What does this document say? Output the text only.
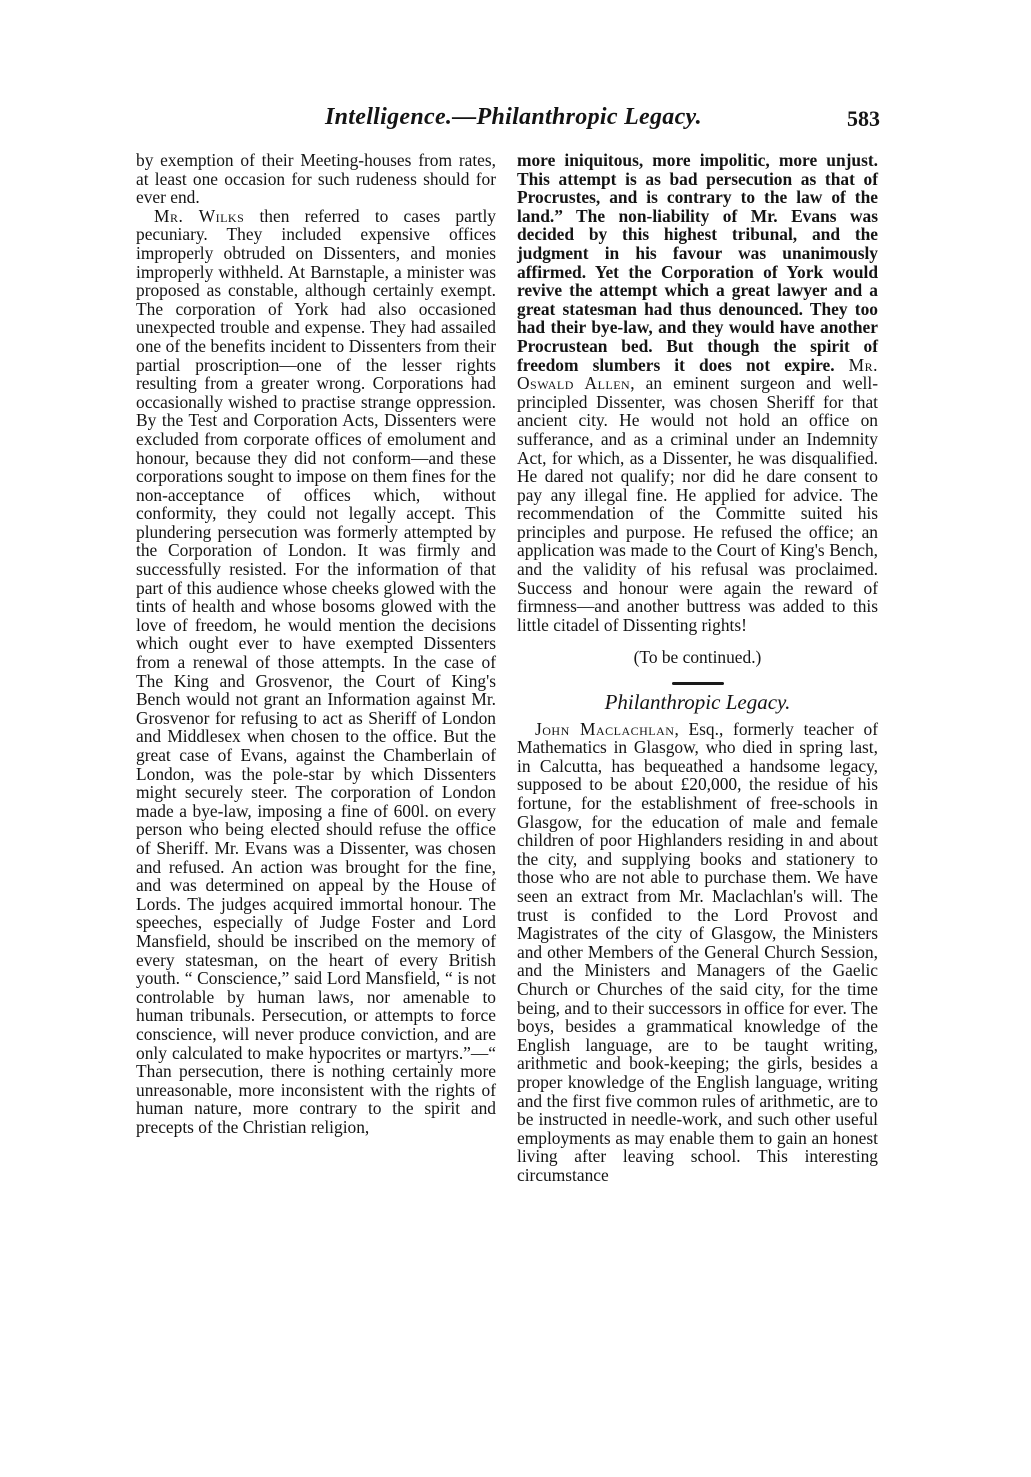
Intelligence.—Philanthropic Legacy.	583

by exemption of their Meeting-houses from rates, at least one occasion for such rudeness should for ever end.

Mr. Wilks then referred to cases partly pecuniary. They included expensive offices improperly obtruded on Dissenters, and monies improperly withheld. At Barnstaple, a minister was proposed as constable, although certainly exempt. The corporation of York had also occasioned unexpected trouble and expense. They had assailed one of the benefits incident to Dissenters from their partial proscription—one of the lesser rights resulting from a greater wrong. Corporations had occasionally wished to practise strange oppression. By the Test and Corporation Acts, Dissenters were excluded from corporate offices of emolument and honour, because they did not conform—and these corporations sought to impose on them fines for the non-acceptance of offices which, without conformity, they could not legally accept. This plundering persecution was formerly attempted by the Corporation of London. It was firmly and successfully resisted. For the information of that part of this audience whose cheeks glowed with the tints of health and whose bosoms glowed with the love of freedom, he would mention the decisions which ought ever to have exempted Dissenters from a renewal of those attempts. In the case of The King and Grosvenor, the Court of King's Bench would not grant an Information against Mr. Grosvenor for refusing to act as Sheriff of London and Middlesex when chosen to the office. But the great case of Evans, against the Chamberlain of London, was the pole-star by which Dissenters might securely steer. The corporation of London made a bye-law, imposing a fine of 600l. on every person who being elected should refuse the office of Sheriff. Mr. Evans was a Dissenter, was chosen and refused. An action was brought for the fine, and was determined on appeal by the House of Lords. The judges acquired immortal honour. The speeches, especially of Judge Foster and Lord Mansfield, should be inscribed on the memory of every statesman, on the heart of every British youth. “ Conscience,” said Lord Mansfield, “ is not controlable by human laws, nor amenable to human tribunals. Persecution, or attempts to force conscience, will never produce conviction, and are only calculated to make hypocrites or martyrs.”—“ Than persecution, there is nothing certainly more unreasonable, more inconsistent with the rights of human nature, more contrary to the spirit and precepts of the Christian religion,

more iniquitous, more impolitic, more unjust. This attempt is as bad persecution as that of Procrustes, and is contrary to the law of the land.” The non-liability of Mr. Evans was decided by this highest tribunal, and the judgment in his favour was unanimously affirmed. Yet the Corporation of York would revive the attempt which a great lawyer and a great statesman had thus denounced. They too had their bye-law, and they would have another Procrustean bed. But though the spirit of freedom slumbers it does not expire. Mr. Oswald Allen, an eminent surgeon and well-principled Dissenter, was chosen Sheriff for that ancient city. He would not hold an office on sufferance, and as a criminal under an Indemnity Act, for which, as a Dissenter, he was disqualified. He dared not qualify; nor did he dare consent to pay any illegal fine. He applied for advice. The recommendation of the Committe suited his principles and purpose. He refused the office; an application was made to the Court of King's Bench, and the validity of his refusal was proclaimed. Success and honour were again the reward of firmness—and another buttress was added to this little citadel of Dissenting rights!

(To be continued.)
Philanthropic Legacy.

John Maclachlan, Esq., formerly teacher of Mathematics in Glasgow, who died in spring last, in Calcutta, has bequeathed a handsome legacy, supposed to be about £20,000, the residue of his fortune, for the establishment of free-schools in Glasgow, for the education of male and female children of poor Highlanders residing in and about the city, and supplying books and stationery to those who are not able to purchase them. We have seen an extract from Mr. Maclachlan's will. The trust is confided to the Lord Provost and Magistrates of the city of Glasgow, the Ministers and other Members of the General Church Session, and the Ministers and Managers of the Gaelic Church or Churches of the said city, for the time being, and to their successors in office for ever. The boys, besides a grammatical knowledge of the English language, are to be taught writing, arithmetic and book-keeping; the girls, besides a proper knowledge of the English language, writing and the first five common rules of arithmetic, are to be instructed in needle-work, and such other useful employments as may enable them to gain an honest living after leaving school. This interesting circumstance
